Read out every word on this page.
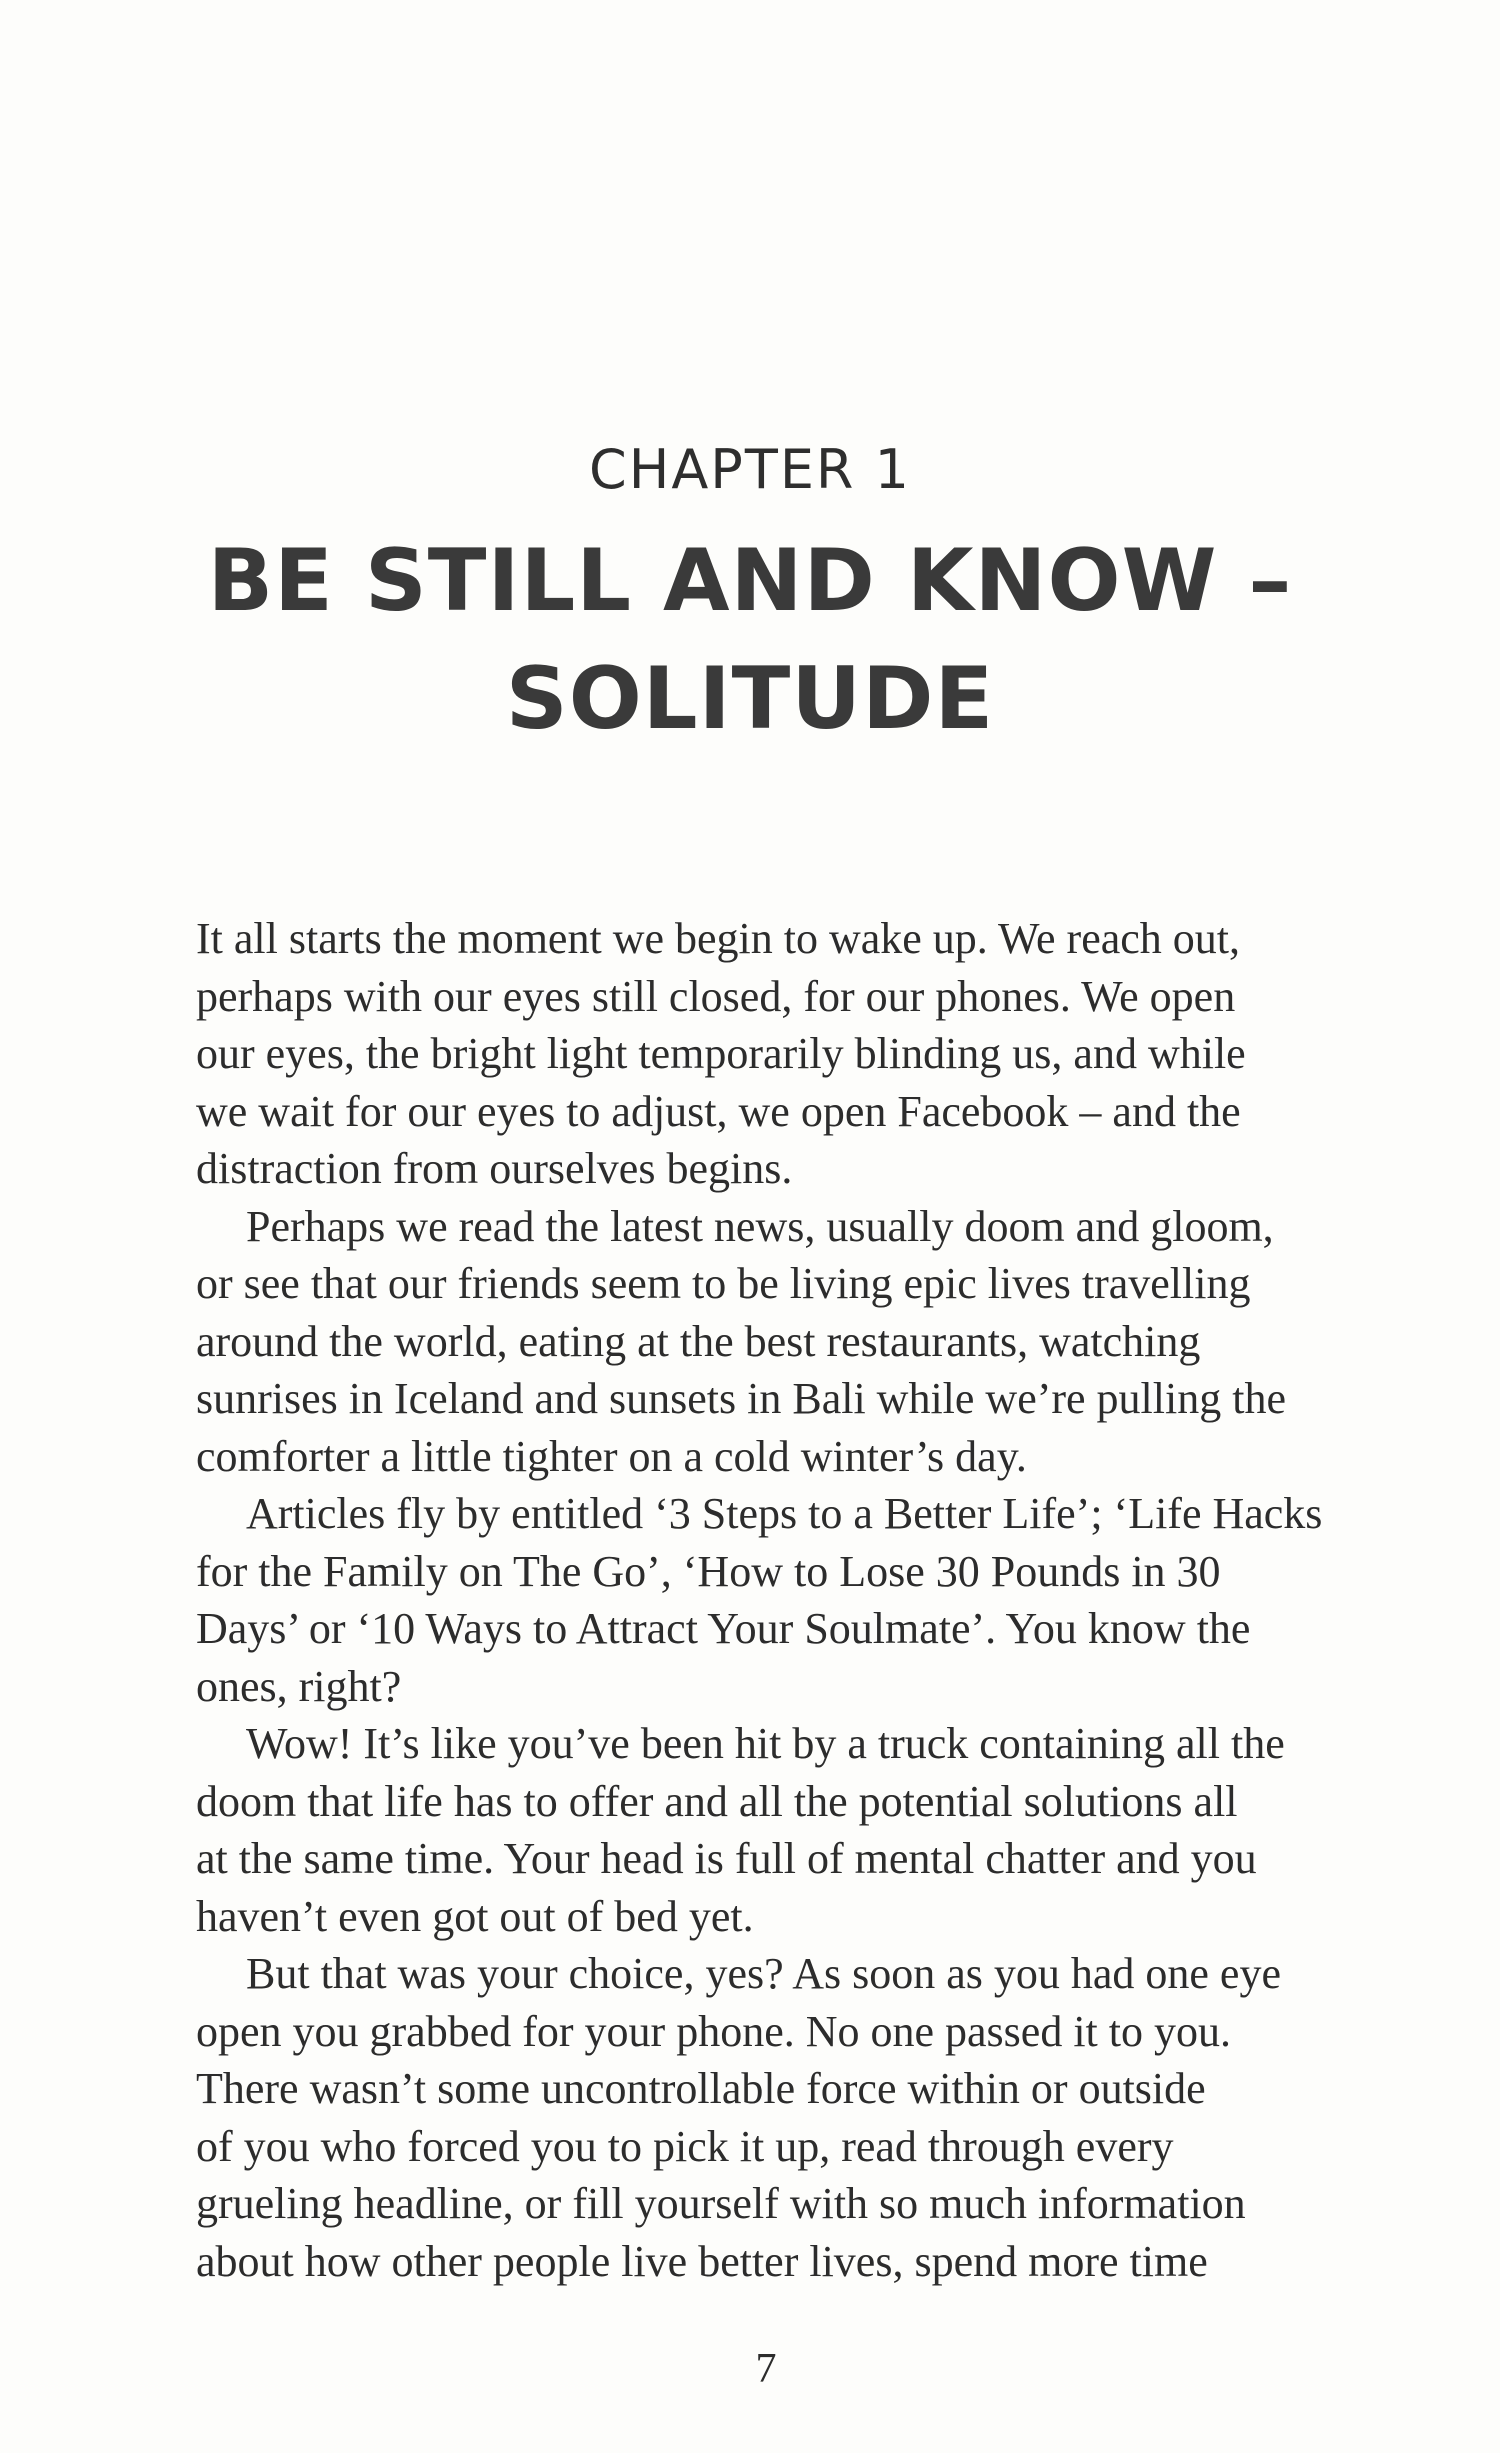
CHAPTER 1
BE STILL AND KNOW –
SOLITUDE

It all starts the moment we begin to wake up. We reach out,

perhaps with our eyes still closed, for our phones. We open

our eyes, the bright light temporarily blinding us, and while

we wait for our eyes to adjust, we open Facebook – and the

distraction from ourselves begins.

Perhaps we read the latest news, usually doom and gloom,

or see that our friends seem to be living epic lives travelling

around the world, eating at the best restaurants, watching

sunrises in Iceland and sunsets in Bali while we’re pulling the

comforter a little tighter on a cold winter’s day.

Articles fly by entitled ‘3 Steps to a Better Life’; ‘Life Hacks

for the Family on The Go’, ‘How to Lose 30 Pounds in 30

Days’ or ‘10 Ways to Attract Your Soulmate’. You know the

ones, right?

Wow! It’s like you’ve been hit by a truck containing all the

doom that life has to offer and all the potential solutions all

at the same time. Your head is full of mental chatter and you

haven’t even got out of bed yet.

But that was your choice, yes? As soon as you had one eye

open you grabbed for your phone. No one passed it to you.

There wasn’t some uncontrollable force within or outside

of you who forced you to pick it up, read through every

grueling headline, or fill yourself with so much information

about how other people live better lives, spend more time

7
